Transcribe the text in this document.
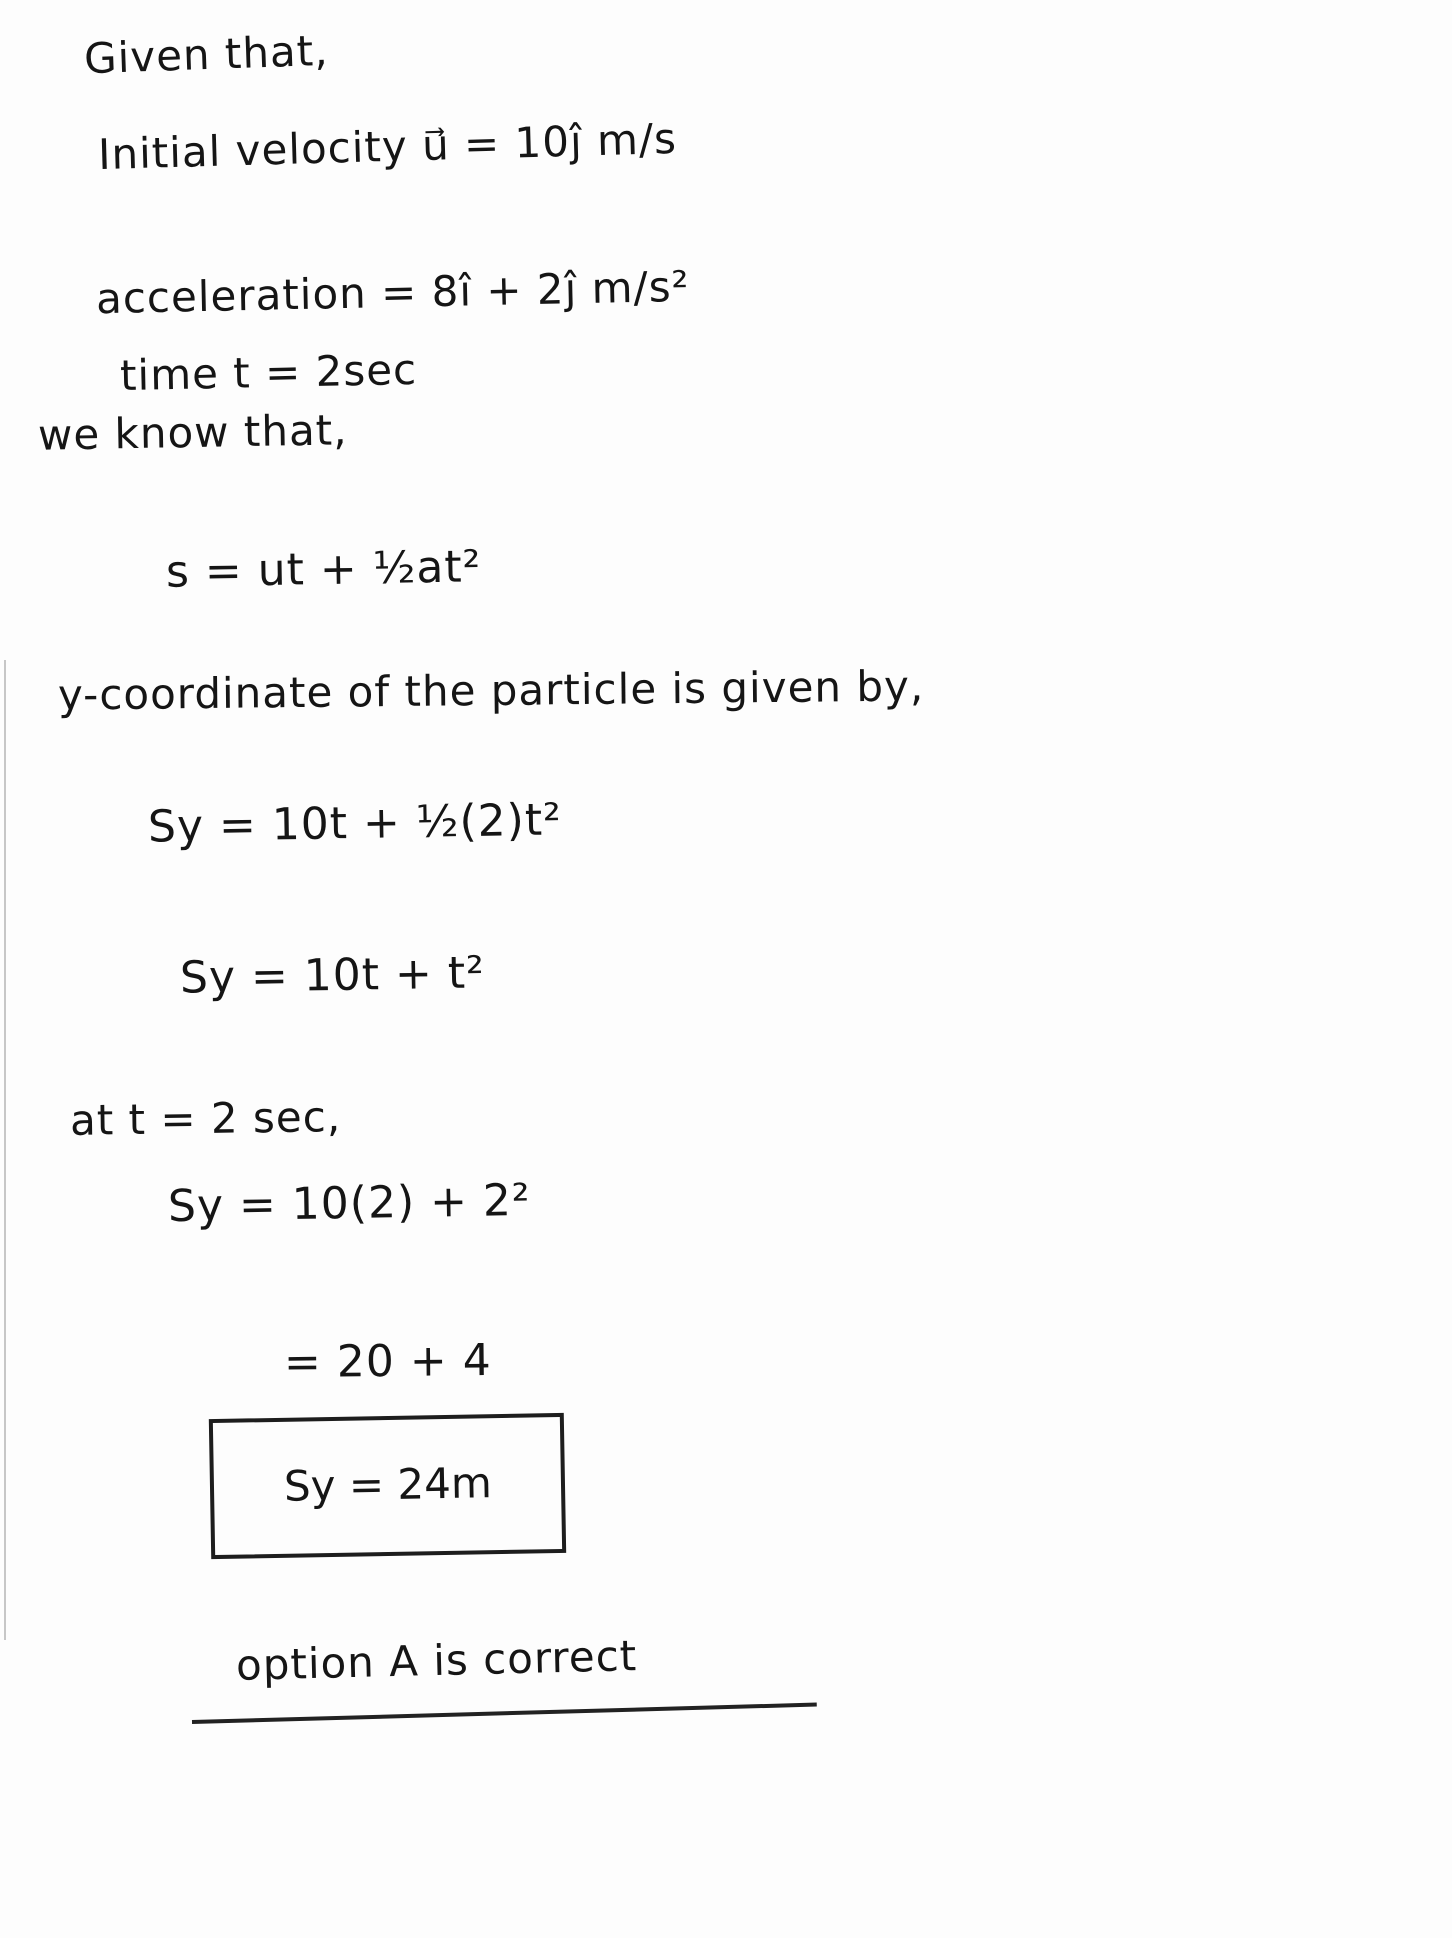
Given that,
Initial velocity u⃗ = 10ĵ m/s
acceleration = 8î + 2ĵ m/s²
time t = 2sec
we know that,
s = ut + ½at²
y-coordinate of the particle is given by,
Sy = 10t + ½(2)t²
Sy = 10t + t²
at t = 2 sec,
Sy = 10(2) + 2²
= 20 + 4
Sy = 24m
option A is correct
